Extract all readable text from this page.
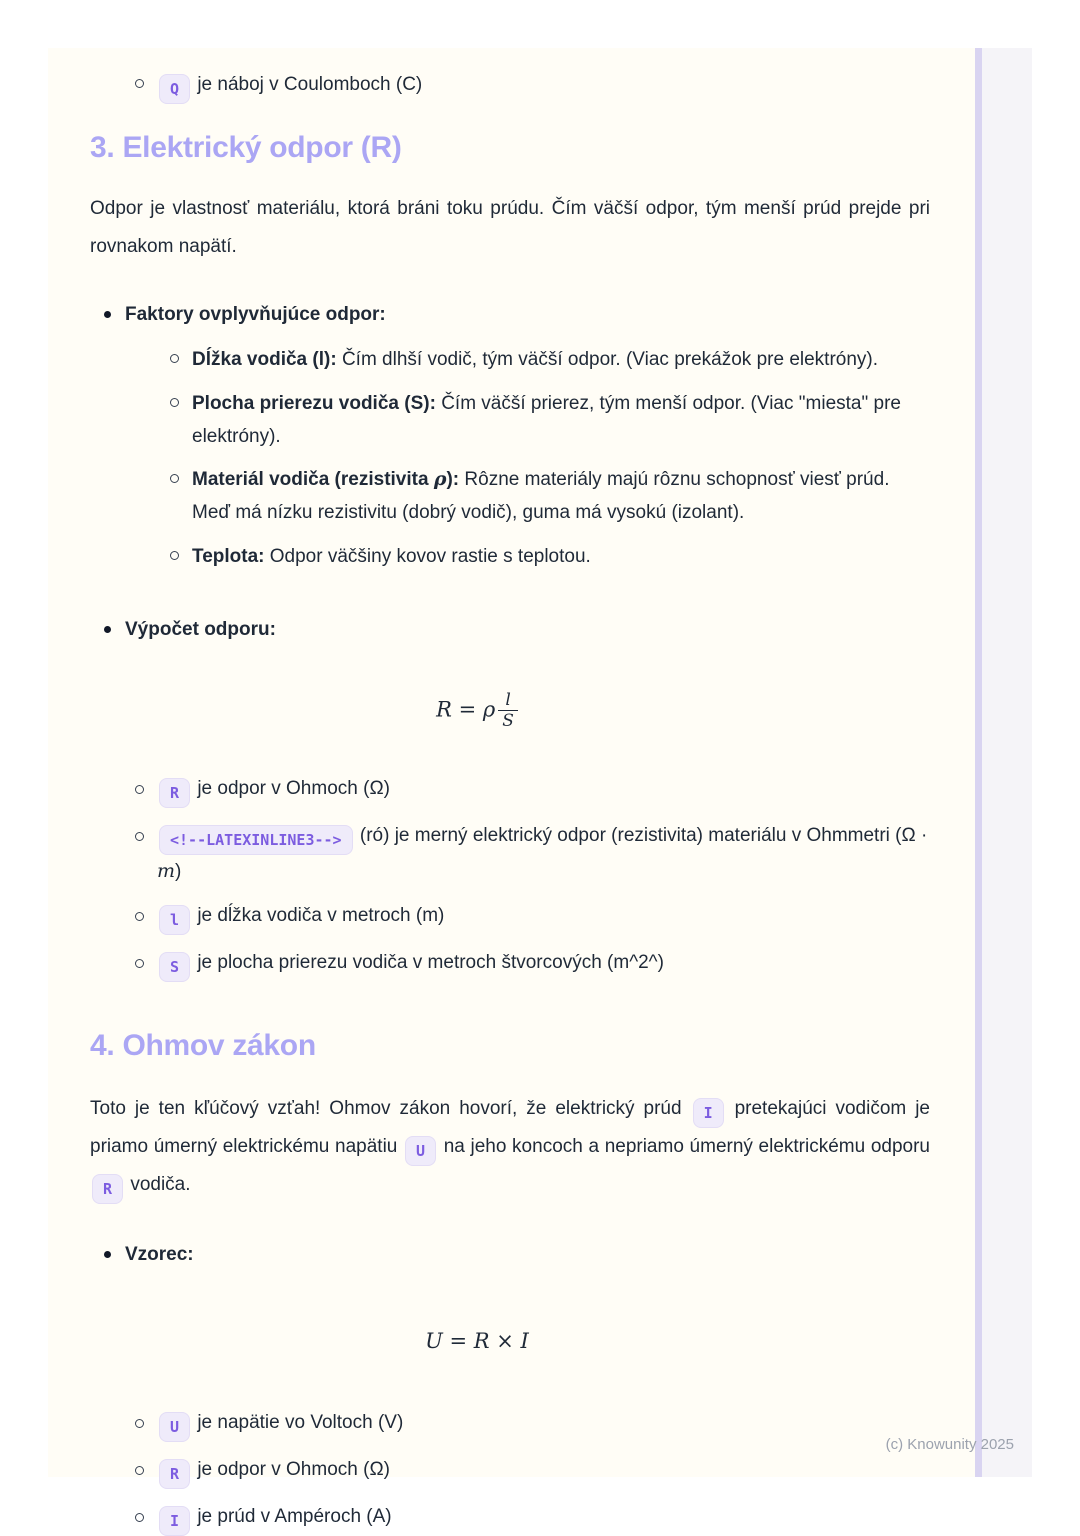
Q je náboj v Coulomboch (C)
3. Elektrický odpor (R)

Odpor je vlastnosť materiálu, ktorá bráni toku prúdu. Čím väčší odpor, tým menší prúd prejde pri rovnakom napätí.

Faktory ovplyvňujúce odpor:
Dĺžka vodiča (l): Čím dlhší vodič, tým väčší odpor. (Viac prekážok pre elektróny).
Plocha prierezu vodiča (S): Čím väčší prierez, tým menší odpor. (Viac "miesta" pre elektróny).
Materiál vodiča (rezistivita ρ): Rôzne materiály majú rôznu schopnosť viesť prúd. Meď má nízku rezistivitu (dobrý vodič), guma má vysokú (izolant).
Teplota: Odpor väčšiny kovov rastie s teplotou.
Výpočet odporu:
R = ρ $\frac{l}{S}$
R je odpor v Ohmoch (Ω)
<!--LATEXINLINE3--> (ró) je merný elektrický odpor (rezistivita) materiálu v Ohmmetri (Ω · m)
l je dĺžka vodiča v metroch (m)
S je plocha prierezu vodiča v metroch štvorcových (m^2^)
4. Ohmov zákon

Toto je ten kľúčový vzťah! Ohmov zákon hovorí, že elektrický prúd I pretekajúci vodičom je priamo úmerný elektrickému napätiu U na jeho koncoch a nepriamo úmerný elektrickému odporu R vodiča.

Vzorec:
U = R × I
U je napätie vo Voltoch (V)
R je odpor v Ohmoch (Ω)
I je prúd v Ampéroch (A)
(c) Knowunity 2025
